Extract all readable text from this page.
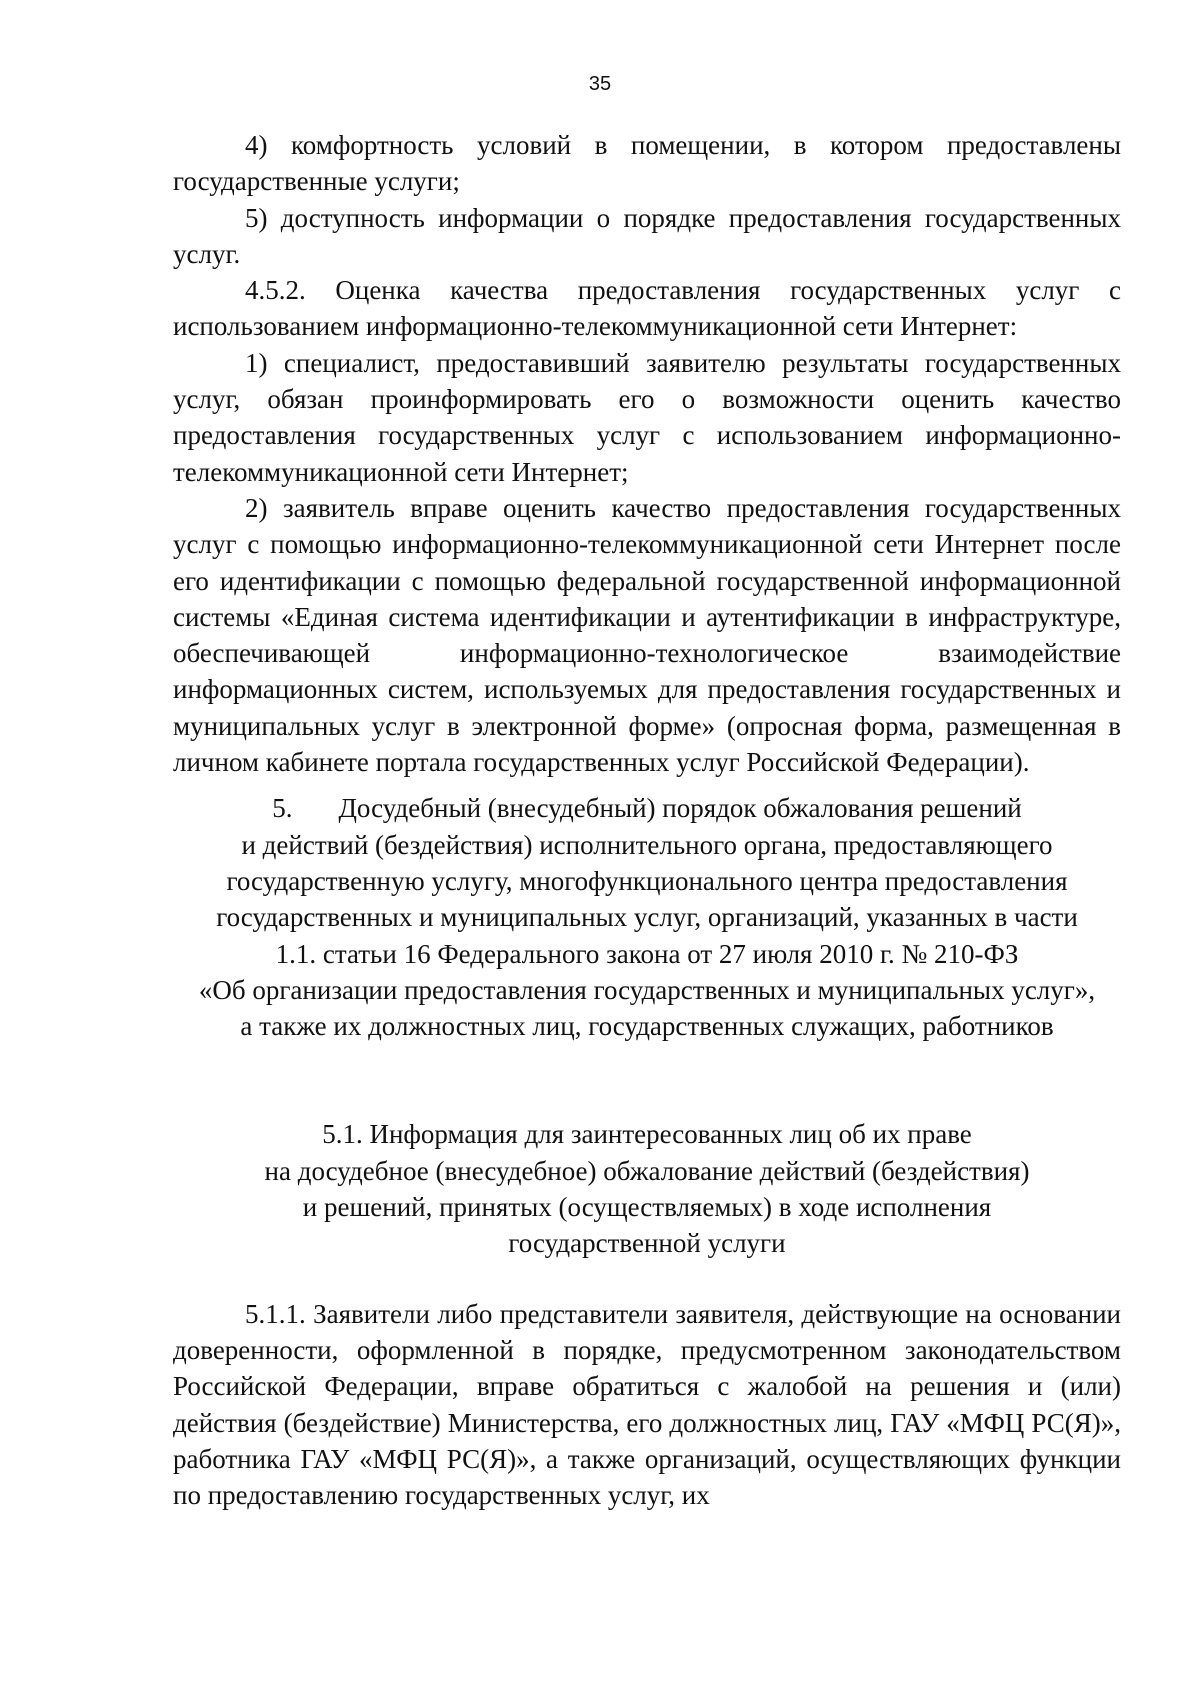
35

4) комфортность условий в помещении, в котором предоставлены государственные услуги;

5) доступность информации о порядке предоставления государственных услуг.

4.5.2. Оценка качества предоставления государственных услуг с использованием информационно-телекоммуникационной сети Интернет:

1) специалист, предоставивший заявителю результаты государственных услуг, обязан проинформировать его о возможности оценить качество предоставления государственных услуг с использованием информационно-телекоммуникационной сети Интернет;

2) заявитель вправе оценить качество предоставления государственных услуг с помощью информационно-телекоммуникационной сети Интернет после его идентификации с помощью федеральной государственной информационной системы «Единая система идентификации и аутентификации в инфраструктуре, обеспечивающей информационно-технологическое взаимодействие информационных систем, используемых для предоставления государственных и муниципальных услуг в электронной форме» (опросная форма, размещенная в личном кабинете портала государственных услуг Российской Федерации).

5. Досудебный (внесудебный) порядок обжалования решений
и действий (бездействия) исполнительного органа, предоставляющего
государственную услугу, многофункционального центра предоставления
государственных и муниципальных услуг, организаций, указанных в части
1.1. статьи 16 Федерального закона от 27 июля 2010 г. № 210-ФЗ
«Об организации предоставления государственных и муниципальных услуг»,
а также их должностных лиц, государственных служащих, работников
5.1. Информация для заинтересованных лиц об их праве
на досудебное (внесудебное) обжалование действий (бездействия)
и решений, принятых (осуществляемых) в ходе исполнения
государственной услуги

5.1.1. Заявители либо представители заявителя, действующие на основании доверенности, оформленной в порядке, предусмотренном законодательством Российской Федерации, вправе обратиться с жалобой на решения и (или) действия (бездействие) Министерства, его должностных лиц, ГАУ «МФЦ РС(Я)», работника ГАУ «МФЦ РС(Я)», а также организаций, осуществляющих функции по предоставлению государственных услуг, их
